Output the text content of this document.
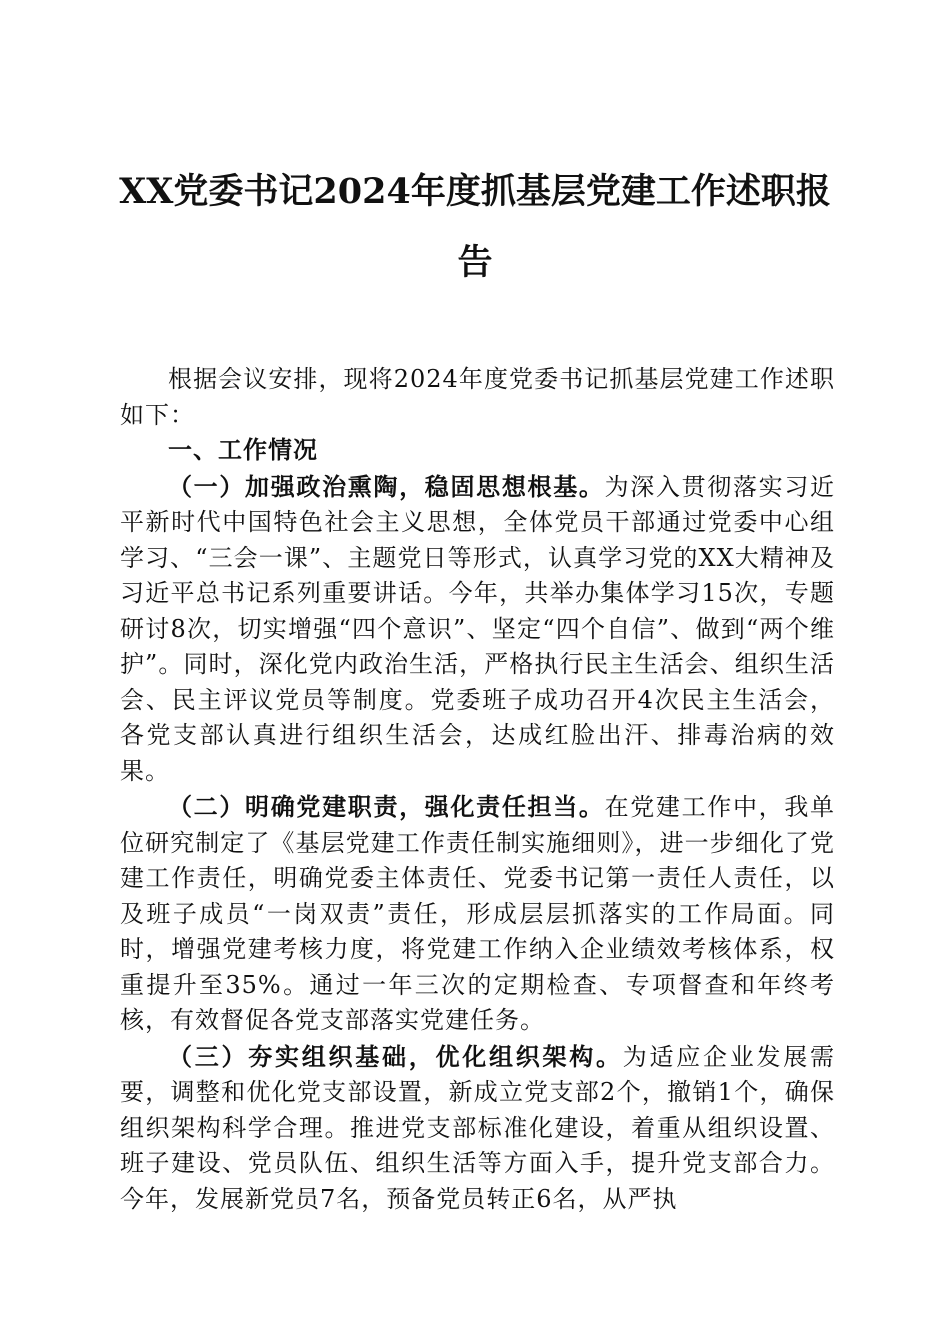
XX党委书记2024年度抓基层党建工作述职报
告

根据会议安排，现将2024年度党委书记抓基层党建工作述职如下：

一、工作情况

（一）加强政治熏陶，稳固思想根基。为深入贯彻落实习近平新时代中国特色社会主义思想，全体党员干部通过党委中心组学习、“三会一课”、主题党日等形式，认真学习党的XX大精神及习近平总书记系列重要讲话。今年，共举办集体学习15次，专题研讨8次，切实增强“四个意识”、坚定“四个自信”、做到“两个维护”。同时，深化党内政治生活，严格执行民主生活会、组织生活会、民主评议党员等制度。党委班子成功召开4次民主生活会，各党支部认真进行组织生活会，达成红脸出汗、排毒治病的效果。

（二）明确党建职责，强化责任担当。在党建工作中，我单位研究制定了《基层党建工作责任制实施细则》，进一步细化了党建工作责任，明确党委主体责任、党委书记第一责任人责任，以及班子成员“一岗双责”责任，形成层层抓落实的工作局面。同时，增强党建考核力度，将党建工作纳入企业绩效考核体系，权重提升至35%。通过一年三次的定期检查、专项督查和年终考核，有效督促各党支部落实党建任务。

（三）夯实组织基础，优化组织架构。为适应企业发展需要，调整和优化党支部设置，新成立党支部2个，撤销1个，确保组织架构科学合理。推进党支部标准化建设，着重从组织设置、班子建设、党员队伍、组织生活等方面入手，提升党支部合力。今年，发展新党员7名，预备党员转正6名，从严执
